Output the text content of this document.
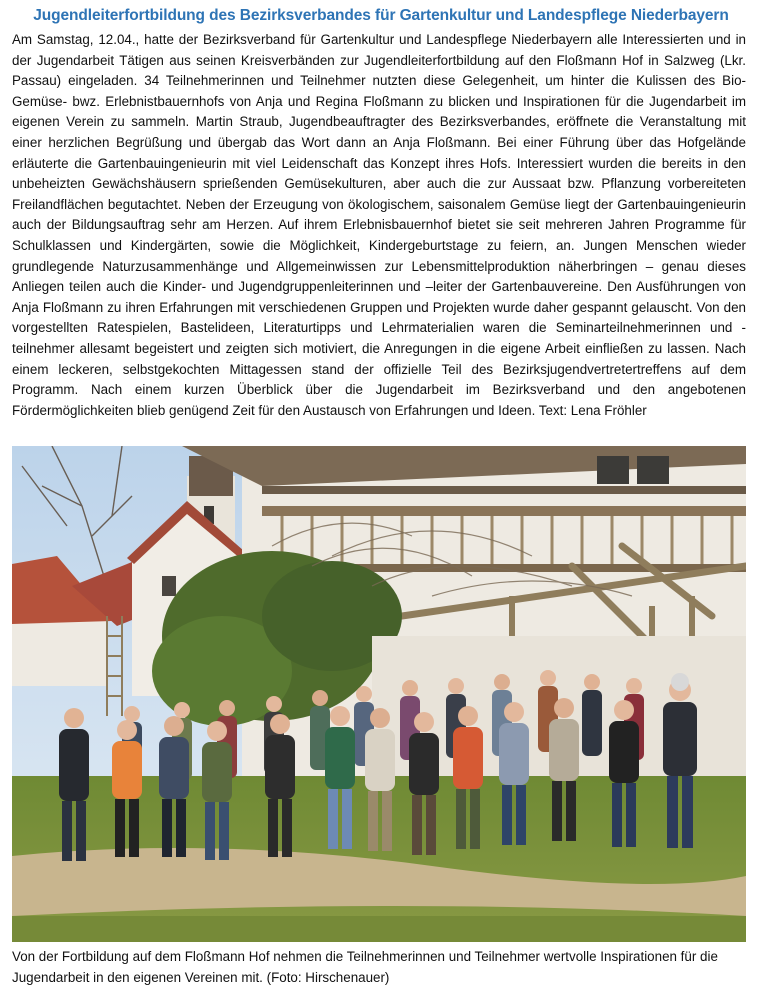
Jugendleiterfortbildung des Bezirksverbandes für Gartenkultur und Landespflege Niederbayern

Am Samstag, 12.04., hatte der Bezirksverband für Gartenkultur und Landespflege Niederbayern alle Interessierten und in der Jugendarbeit Tätigen aus seinen Kreisverbänden zur Jugendleiterfortbildung auf den Floßmann Hof in Salzweg (Lkr. Passau) eingeladen. 34 Teilnehmerinnen und Teilnehmer nutzten diese Gelegenheit, um hinter die Kulissen des Bio-Gemüse- bwz. Erlebnistbauernhofs von Anja und Regina Floßmann zu blicken und Inspirationen für die Jugendarbeit im eigenen Verein zu sammeln. Martin Straub, Jugendbeauftragter des Bezirksverbandes, eröffnete die Veranstaltung mit einer herzlichen Begrüßung und übergab das Wort dann an Anja Floßmann. Bei einer Führung über das Hofgelände erläuterte die Gartenbauingenieurin mit viel Leidenschaft das Konzept ihres Hofs. Interessiert wurden die bereits in den unbeheizten Gewächshäusern sprießenden Gemüsekulturen, aber auch die zur Aussaat bzw. Pflanzung vorbereiteten Freilandflächen begutachtet. Neben der Erzeugung von ökologischem, saisonalem Gemüse liegt der Gartenbauingenieurin auch der Bildungsauftrag sehr am Herzen. Auf ihrem Erlebnisbauernhof bietet sie seit mehreren Jahren Programme für Schulklassen und Kindergärten, sowie die Möglichkeit, Kindergeburtstage zu feiern, an. Jungen Menschen wieder grundlegende Naturzusammenhänge und Allgemeinwissen zur Lebensmittelproduktion näherbringen – genau dieses Anliegen teilen auch die Kinder- und Jugendgruppenleiterinnen und –leiter der Gartenbauvereine. Den Ausführungen von Anja Floßmann zu ihren Erfahrungen mit verschiedenen Gruppen und Projekten wurde daher gespannt gelauscht. Von den vorgestellten Ratespielen, Bastelideen, Literaturtipps und Lehrmaterialien waren die Seminarteilnehmerinnen und -teilnehmer allesamt begeistert und zeigten sich motiviert, die Anregungen in die eigene Arbeit einfließen zu lassen. Nach einem leckeren, selbstgekochten Mittagessen stand der offizielle Teil des Bezirksjugendvertretertreffens auf dem Programm. Nach einem kurzen Überblick über die Jugendarbeit im Bezirksverband und den angebotenen Fördermöglichkeiten blieb genügend Zeit für den Austausch von Erfahrungen und Ideen. Text: Lena Fröhler

Von der Fortbildung auf dem Floßmann Hof nehmen die Teilnehmerinnen und Teilnehmer wertvolle Inspirationen für die Jugendarbeit in den eigenen Vereinen mit. (Foto: Hirschenauer)
